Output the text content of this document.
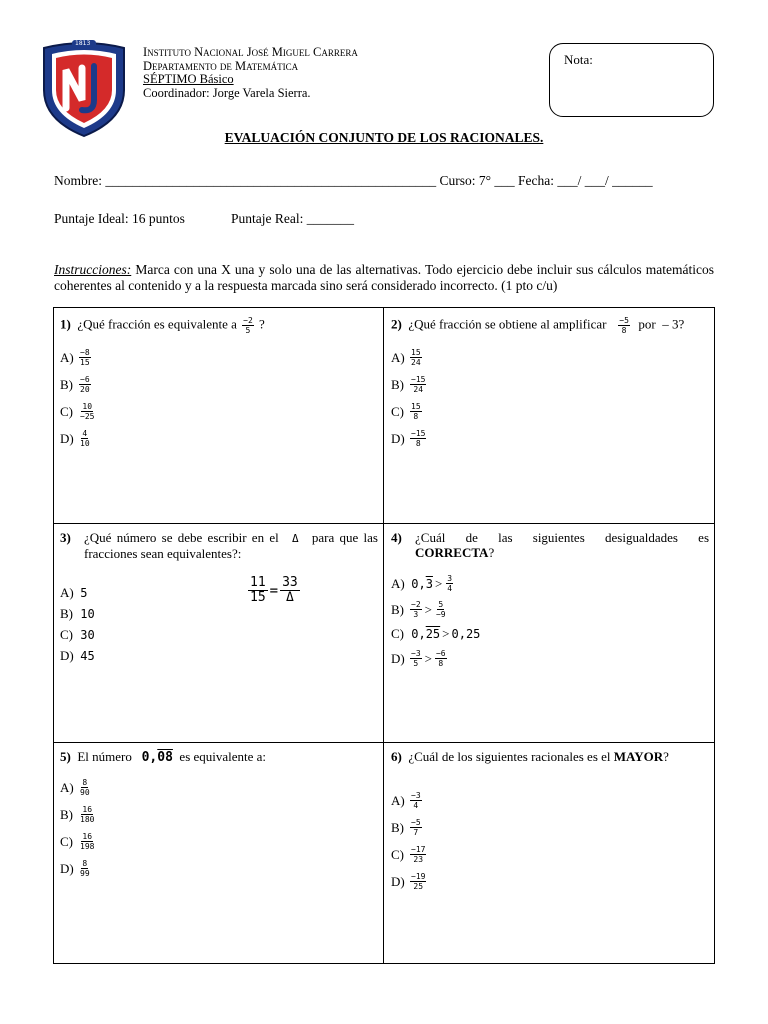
1813
Instituto Nacional José Miguel Carrera
Departamento de Matemática
SÉPTIMO Básico
Coordinador: Jorge Varela Sierra.
Nota:
EVALUACIÓN CONJUNTO DE LOS RACIONALES.
Nombre: _________________________________________________ Curso: 7° ___ Fecha: ___/ ___/ ______
Puntaje Ideal: 16 puntos	Puntaje Real: _______
Instrucciones: Marca con una X una y solo una de las alternativas. Todo ejercicio debe incluir sus cálculos matemáticos coherentes al contenido y a la respuesta marcada sino será considerado incorrecto. (1 pto c/u)
1) ¿Qué fracción es equivalente a $\frac{-2}{5}$ ?
$A) \frac{-8}{15}$
$B) \frac{-6}{20}$
$C) \frac{10}{-25}$
$D) \frac{4}{10}$
2) ¿Qué fracción se obtiene al amplificar $\frac{-5}{8}$ por – 3?
$A) \frac{15}{24}$
$B) \frac{-15}{24}$
$C) \frac{15}{8}$
$D) \frac{-15}{8}$
3)	¿Qué número se debe escribir en el Δ para que las fracciones sean equivalentes?:
$\frac{11}{15} = \frac{33}{\Delta}$
A)
5
B)
10
C)
30
D)
45
4)	¿Cuál de las siguientes desigualdades es
CORRECTA?
A)
$0,3 > \frac{3}{4}$
$B) \frac{-2}{3} > \frac{5}{-9}$
C)
0,25 > 0,25
$D) \frac{-3}{5} > \frac{-6}{8}$
5) El número 0,08 es equivalente a:
$A) \frac{8}{90}$
$B) \frac{16}{180}$
$C) \frac{16}{198}$
$D) \frac{8}{99}$
6) ¿Cuál de los siguientes racionales es el MAYOR?
$A) \frac{-3}{4}$
$B) \frac{-5}{7}$
$C) \frac{-17}{23}$
$D) \frac{-19}{25}$
